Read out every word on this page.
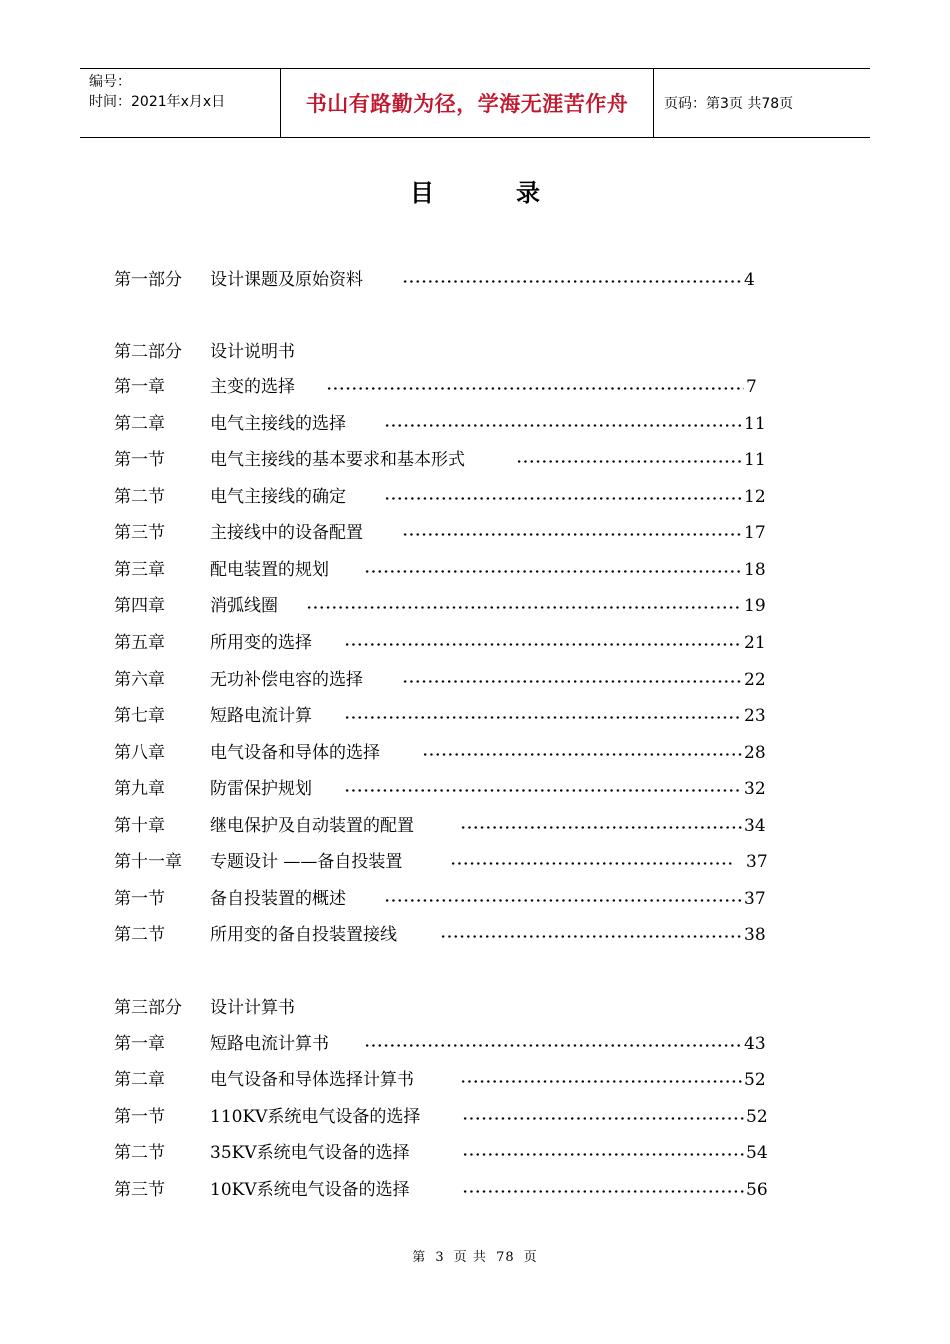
编号：
时间：2021年x月x日	书山有路勤为径，学海无涯苦作舟	页码：第3页 共78页
目	录
第一部分 设计课题及原始资料	4
第二部分 设计说明书
第一章	主变的选择	7
第二章	电气主接线的选择	11
第一节	电气主接线的基本要求和基本形式	11
第二节	电气主接线的确定	12
第三节	主接线中的设备配置	17
第三章	配电装置的规划	18
第四章	消弧线圈	19
第五章	所用变的选择	21
第六章	无功补偿电容的选择	22
第七章	短路电流计算	23
第八章	电气设备和导体的选择	28
第九章	防雷保护规划	32
第十章	继电保护及自动装置的配置	34
第十一章 专题设计 ——备自投装置	37
第一节	备自投装置的概述	37
第二节	所用变的备自投装置接线	38
第三部分 设计计算书
第一章	短路电流计算书	43
第二章	电气设备和导体选择计算书	52
第一节	110KV系统电气设备的选择	52
第二节	35KV系统电气设备的选择	54
第三节	10KV系统电气设备的选择	56
第 3 页 共 78 页
